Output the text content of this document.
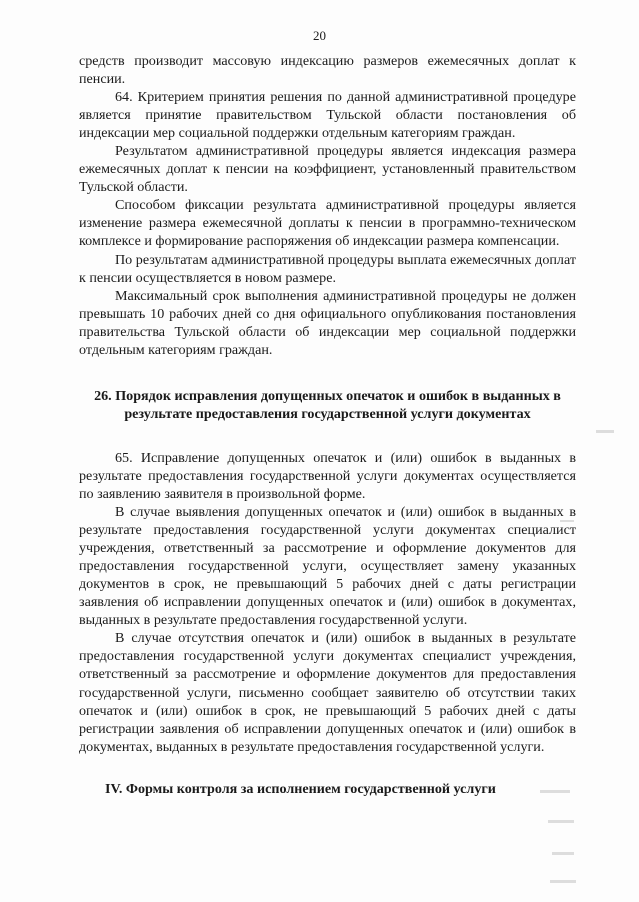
20

средств производит массовую индексацию размеров ежемесячных доплат к пенсии.

64. Критерием принятия решения по данной административной процедуре является принятие правительством Тульской области постановления об индексации мер социальной поддержки отдельным категориям граждан.

Результатом административной процедуры является индексация размера ежемесячных доплат к пенсии на коэффициент, установленный правительством Тульской области.

Способом фиксации результата административной процедуры является изменение размера ежемесячной доплаты к пенсии в программно-техническом комплексе и формирование распоряжения об индексации размера компенсации.

По результатам административной процедуры выплата ежемесячных доплат к пенсии осуществляется в новом размере.

Максимальный срок выполнения административной процедуры не должен превышать 10 рабочих дней со дня официального опубликования постановления правительства Тульской области об индексации мер социальной поддержки отдельным категориям граждан.

26. Порядок исправления допущенных опечаток и ошибок в выданных в результате предоставления государственной услуги документах

65. Исправление допущенных опечаток и (или) ошибок в выданных в результате предоставления государственной услуги документах осуществляется по заявлению заявителя в произвольной форме.

В случае выявления допущенных опечаток и (или) ошибок в выданных в результате предоставления государственной услуги документах специалист учреждения, ответственный за рассмотрение и оформление документов для предоставления государственной услуги, осуществляет замену указанных документов в срок, не превышающий 5 рабочих дней с даты регистрации заявления об исправлении допущенных опечаток и (или) ошибок в документах, выданных в результате предоставления государственной услуги.

В случае отсутствия опечаток и (или) ошибок в выданных в результате предоставления государственной услуги документах специалист учреждения, ответственный за рассмотрение и оформление документов для предоставления государственной услуги, письменно сообщает заявителю об отсутствии таких опечаток и (или) ошибок в срок, не превышающий 5 рабочих дней с даты регистрации заявления об исправлении допущенных опечаток и (или) ошибок в документах, выданных в результате предоставления государственной услуги.

IV. Формы контроля за исполнением государственной услуги
